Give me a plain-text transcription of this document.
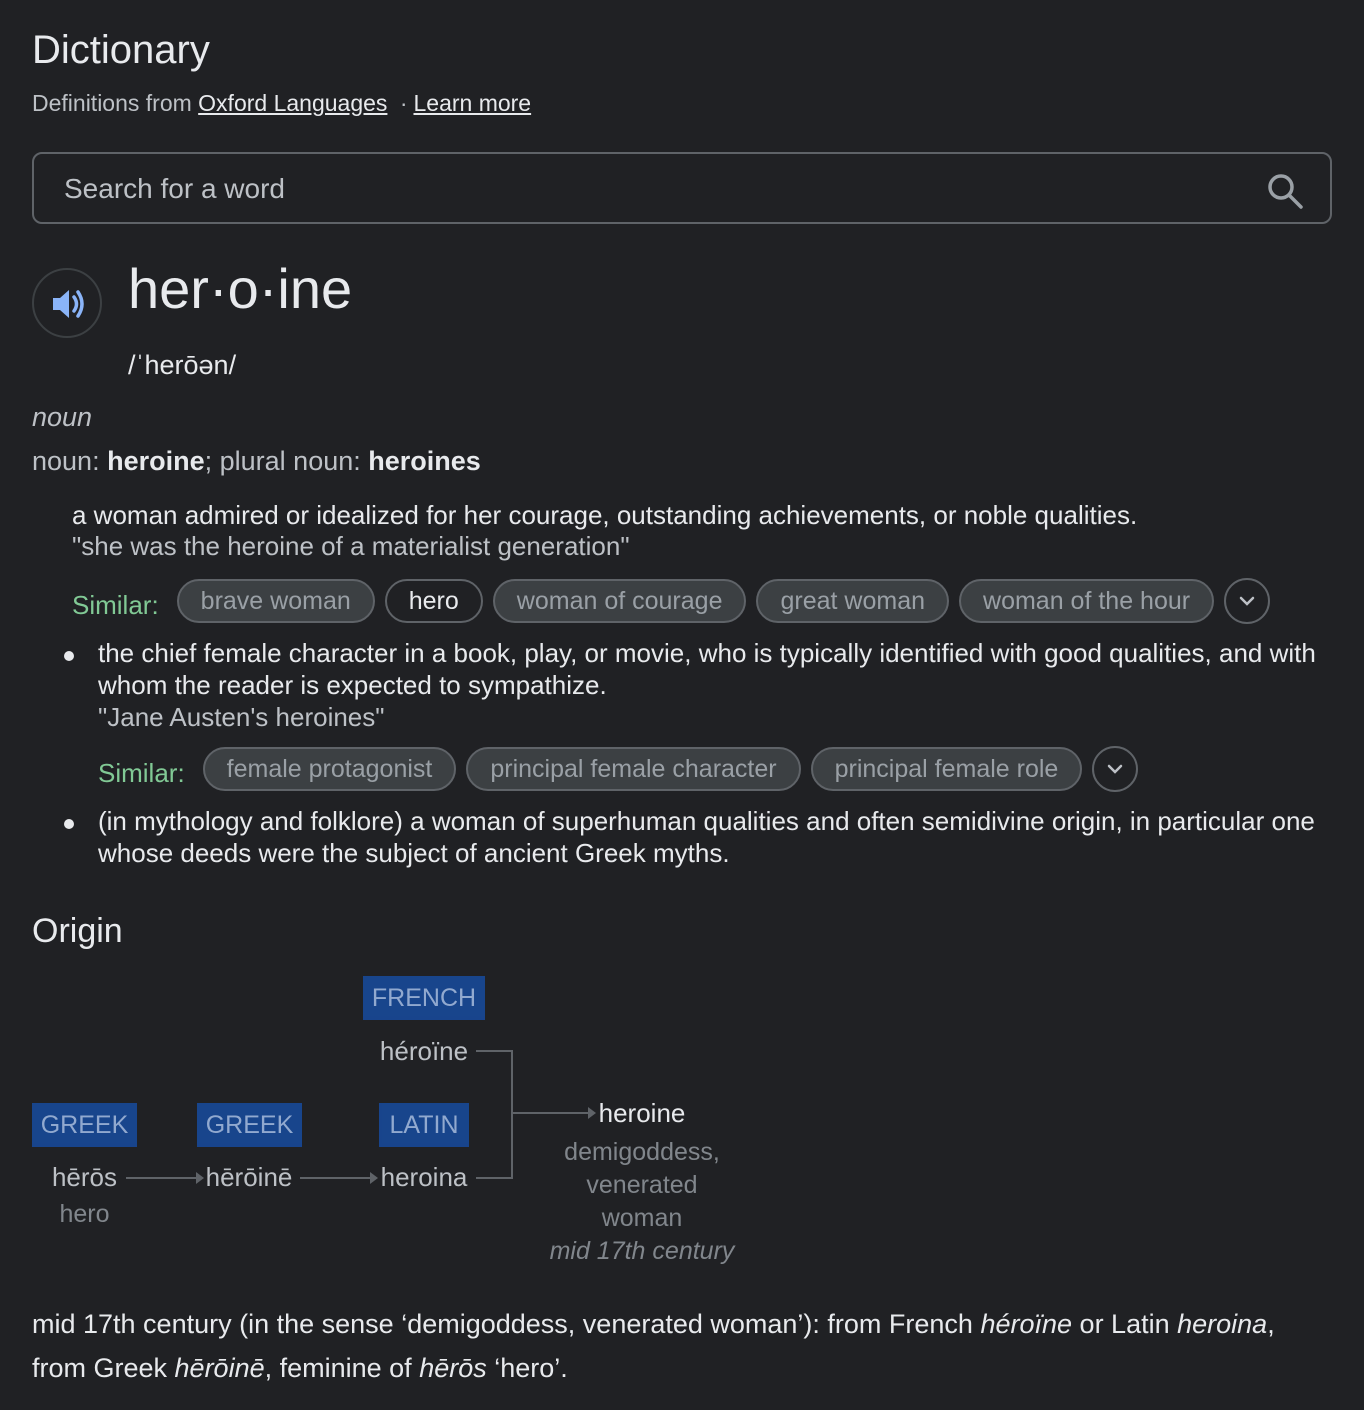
Dictionary
Definitions from Oxford Languages · Learn more
Search for a word
her·o·ine
/ˈherōən/
noun
noun: heroine; plural noun: heroines
a woman admired or idealized for her courage, outstanding achievements, or noble qualities.
"she was the heroine of a materialist generation"
Similar:	brave woman	hero	woman of courage	great woman	woman of the hour
the chief female character in a book, play, or movie, who is typically identified with good qualities, and with whom the reader is expected to sympathize.
"Jane Austen's heroines"
Similar:	female protagonist	principal female character	principal female role
(in mythology and folklore) a woman of superhuman qualities and often semidivine origin, in particular one whose deeds were the subject of ancient Greek myths.
Origin
FRENCH
héroïne
GREEK
hērōs
hero
GREEK
hērōinē
LATIN
heroina
heroine
demigoddess,
venerated
woman
mid 17th century
mid 17th century (in the sense ‘demigoddess, venerated woman’): from French héroïne or Latin heroina, from Greek hērōinē, feminine of hērōs ‘hero’.
